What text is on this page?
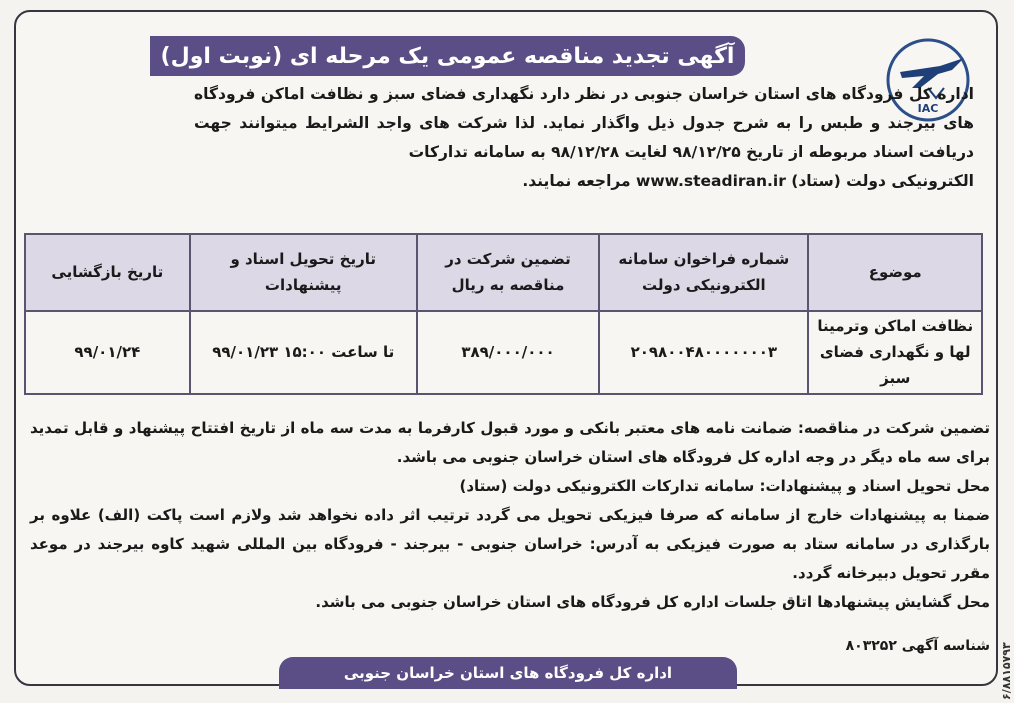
آگهی تجدید مناقصه عمومی یک مرحله ای (نوبت اول)
IAC
اداره کل فرودگاه های استان خراسان جنوبی در نظر دارد نگهداری فضای سبز و نظافت اماکن فرودگاه های بیرجند و طبس را به شرح جدول ذیل واگذار نماید. لذا شرکت های واجد الشرایط میتوانند جهت دریافت اسناد مربوطه از تاریخ ۹۸/۱۲/۲۵ لغایت ۹۸/۱۲/۲۸ به سامانه تدارکات
الکترونیکی دولت (ستاد) www.steadiran.ir مراجعه نمایند.
موضوع	شماره فراخوان سامانه الکترونیکی دولت	تضمین شرکت در مناقصه به ریال	تاریخ تحویل اسناد و پیشنهادات	تاریخ بازگشایی
نظافت اماکن وترمینا لها و نگهداری فضای سبز	۲۰۹۸۰۰۴۸۰۰۰۰۰۰۰۳	۳۸۹/۰۰۰/۰۰۰	تا ساعت ۱۵:۰۰ ۹۹/۰۱/۲۳	۹۹/۰۱/۲۴

تضمین شرکت در مناقصه: ضمانت نامه های معتبر بانکی و مورد قبول کارفرما به مدت سه ماه از تاریخ افتتاح پیشنهاد و قابل تمدید برای سه ماه دیگر در وجه اداره کل فرودگاه های استان خراسان جنوبی می باشد.

محل تحویل اسناد و پیشنهادات: سامانه تدارکات الکترونیکی دولت (ستاد)

ضمنا به پیشنهادات خارج از سامانه که صرفا فیزیکی تحویل می گردد ترتیب اثر داده نخواهد شد ولازم است پاکت (الف) علاوه بر بارگذاری در سامانه ستاد به صورت فیزیکی به آدرس: خراسان جنوبی - بیرجند - فرودگاه بین المللی شهید کاوه بیرجند در موعد مقرر تحویل دبیرخانه گردد.

محل گشایش پیشنهادها اتاق جلسات اداره کل فرودگاه های استان خراسان جنوبی می باشد.

شناسه آگهی ۸۰۳۲۵۲
اداره کل فرودگاه های استان خراسان جنوبی	۶/۸۸۱۵۷۹۳
